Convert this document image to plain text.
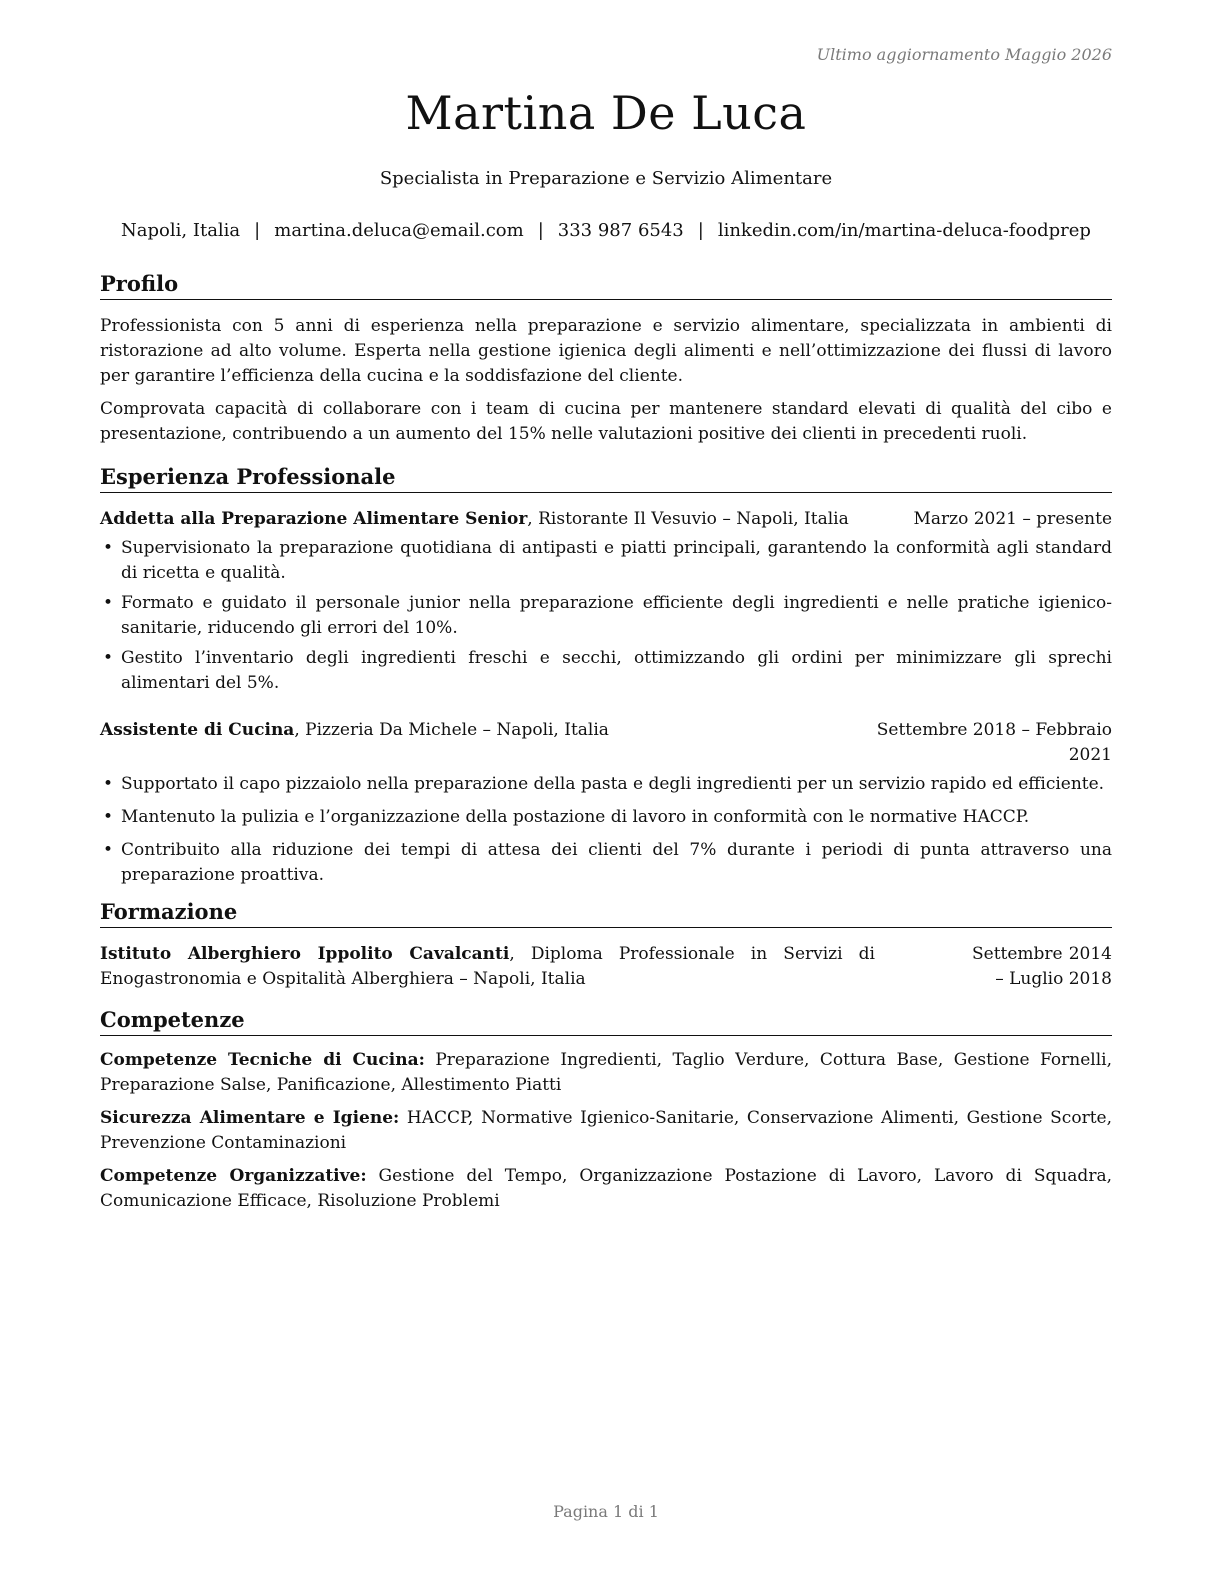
Ultimo aggiornamento Maggio 2026
Martina De Luca
Specialista in Preparazione e Servizio Alimentare
Napoli, Italia | martina.deluca@email.com | 333 987 6543 | linkedin.com/in/martina-deluca-foodprep
Profilo

Professionista con 5 anni di esperienza nella preparazione e servizio alimentare, specializzata in ambienti di ristorazione ad alto volume. Esperta nella gestione igienica degli alimenti e nell’ottimizzazione dei flussi di lavoro per garantire l’efficienza della cucina e la soddisfazione del cliente.

Comprovata capacità di collaborare con i team di cucina per mantenere standard elevati di qualità del cibo e presentazione, contribuendo a un aumento del 15% nelle valutazioni positive dei clienti in precedenti ruoli.

Esperienza Professionale
Addetta alla Preparazione Alimentare Senior, Ristorante Il Vesuvio – Napoli, Italia	Marzo 2021 – presente
• Supervisionato la preparazione quotidiana di antipasti e piatti principali, garantendo la conformità agli standard di ricetta e qualità.
• Formato e guidato il personale junior nella preparazione efficiente degli ingredienti e nelle pratiche igienico-sanitarie, riducendo gli errori del 10%.
• Gestito l’inventario degli ingredienti freschi e secchi, ottimizzando gli ordini per minimizzare gli sprechi alimentari del 5%.
Assistente di Cucina, Pizzeria Da Michele – Napoli, Italia	Settembre 2018 – Febbraio 2021
• Supportato il capo pizzaiolo nella preparazione della pasta e degli ingredienti per un servizio rapido ed efficiente.
• Mantenuto la pulizia e l’organizzazione della postazione di lavoro in conformità con le normative HACCP.
• Contribuito alla riduzione dei tempi di attesa dei clienti del 7% durante i periodi di punta attraverso una preparazione proattiva.
Formazione
Istituto Alberghiero Ippolito Cavalcanti, Diploma Professionale in Servizi di Enogastronomia e Ospitalità Alberghiera – Napoli, Italia
Settembre 2014 – Luglio 2018
Competenze

Competenze Tecniche di Cucina: Preparazione Ingredienti, Taglio Verdure, Cottura Base, Gestione Fornelli, Preparazione Salse, Panificazione, Allestimento Piatti

Sicurezza Alimentare e Igiene: HACCP, Normative Igienico-Sanitarie, Conservazione Alimenti, Gestione Scorte, Prevenzione Contaminazioni

Competenze Organizzative: Gestione del Tempo, Organizzazione Postazione di Lavoro, Lavoro di Squadra, Comunicazione Efficace, Risoluzione Problemi

Pagina 1 di 1
